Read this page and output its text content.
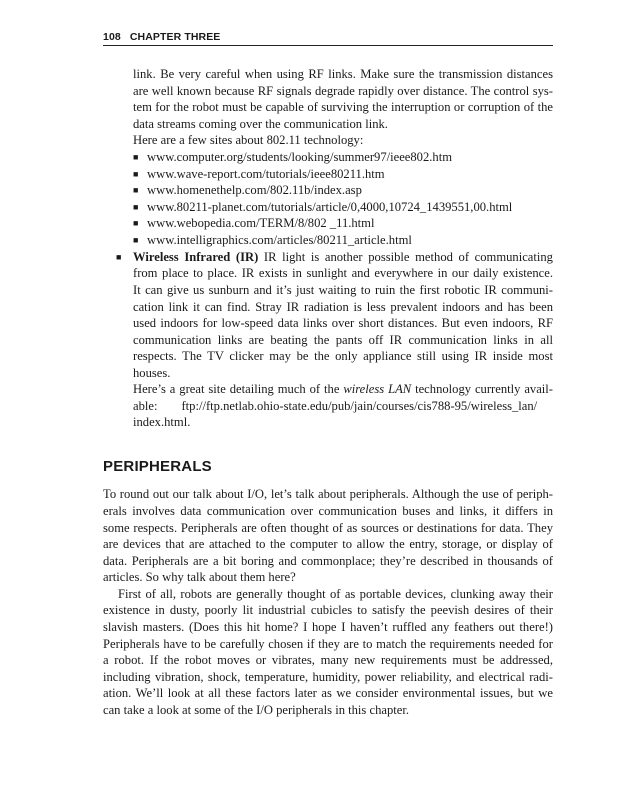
108 CHAPTER THREE
link. Be very careful when using RF links. Make sure the transmission distances
are well known because RF signals degrade rapidly over distance. The control sys-
tem for the robot must be capable of surviving the interruption or corruption of the
data streams coming over the communication link.
Here are a few sites about 802.11 technology:
■ www.computer.org/students/looking/summer97/ieee802.htm
■ www.wave-report.com/tutorials/ieee80211.htm
■ www.homenethelp.com/802.11b/index.asp
■ www.80211-planet.com/tutorials/article/0,4000,10724_1439551,00.html
■ www.webopedia.com/TERM/8/802 _11.html
■ www.intelligraphics.com/articles/80211_article.html
■ Wireless Infrared (IR) IR light is another possible method of communicating
from place to place. IR exists in sunlight and everywhere in our daily existence.
It can give us sunburn and it’s just waiting to ruin the first robotic IR communi-
cation link it can find. Stray IR radiation is less prevalent indoors and has been
used indoors for low-speed data links over short distances. But even indoors, RF
communication links are beating the pants off IR communication links in all
respects. The TV clicker may be the only appliance still using IR inside most
houses.
Here’s a great site detailing much of the wireless LAN technology currently avail-
able: ftp://ftp.netlab.ohio-state.edu/pub/jain/courses/cis788-95/wireless_lan/
index.html.
PERIPHERALS
To round out our talk about I/O, let’s talk about peripherals. Although the use of periph-
erals involves data communication over communication buses and links, it differs in
some respects. Peripherals are often thought of as sources or destinations for data. They
are devices that are attached to the computer to allow the entry, storage, or display of
data. Peripherals are a bit boring and commonplace; they’re described in thousands of
articles. So why talk about them here?
First of all, robots are generally thought of as portable devices, clunking away their
existence in dusty, poorly lit industrial cubicles to satisfy the peevish desires of their
slavish masters. (Does this hit home? I hope I haven’t ruffled any feathers out there!)
Peripherals have to be carefully chosen if they are to match the requirements needed for
a robot. If the robot moves or vibrates, many new requirements must be addressed,
including vibration, shock, temperature, humidity, power reliability, and electrical radi-
ation. We’ll look at all these factors later as we consider environmental issues, but we
can take a look at some of the I/O peripherals in this chapter.
